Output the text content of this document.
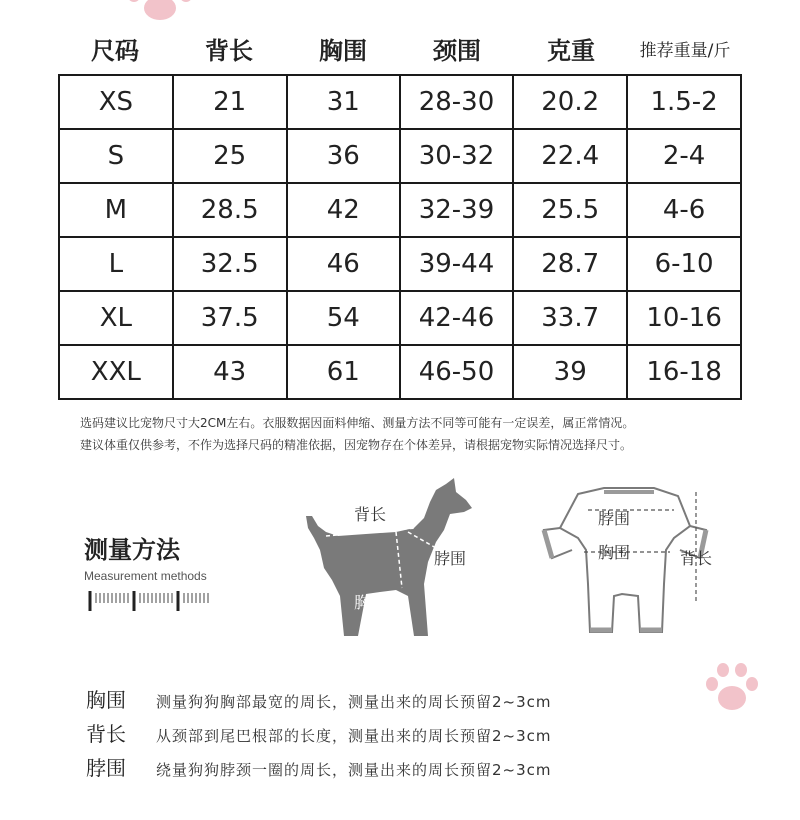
尺码	背长	胸围	颈围	克重	推荐重量/斤
XS	21	31	28-30	20.2	1.5-2
S	25	36	30-32	22.4	2-4
M	28.5	42	32-39	25.5	4-6
L	32.5	46	39-44	28.7	6-10
XL	37.5	54	42-46	33.7	10-16
XXL	43	61	46-50	39	16-18
选码建议比宠物尺寸大2CM左右。衣服数据因面料伸缩、测量方法不同等可能有一定误差，属正常情况。
建议体重仅供参考，不作为选择尺码的精准依据，因宠物存在个体差异，请根据宠物实际情况选择尺寸。
测量方法
Measurement methods
背长
脖围
胸围
脖围
胸围	背长
胸围	测量狗狗胸部最宽的周长，测量出来的周长预留2~3cm
背长	从颈部到尾巴根部的长度，测量出来的周长预留2~3cm
脖围	绕量狗狗脖颈一圈的周长，测量出来的周长预留2~3cm
